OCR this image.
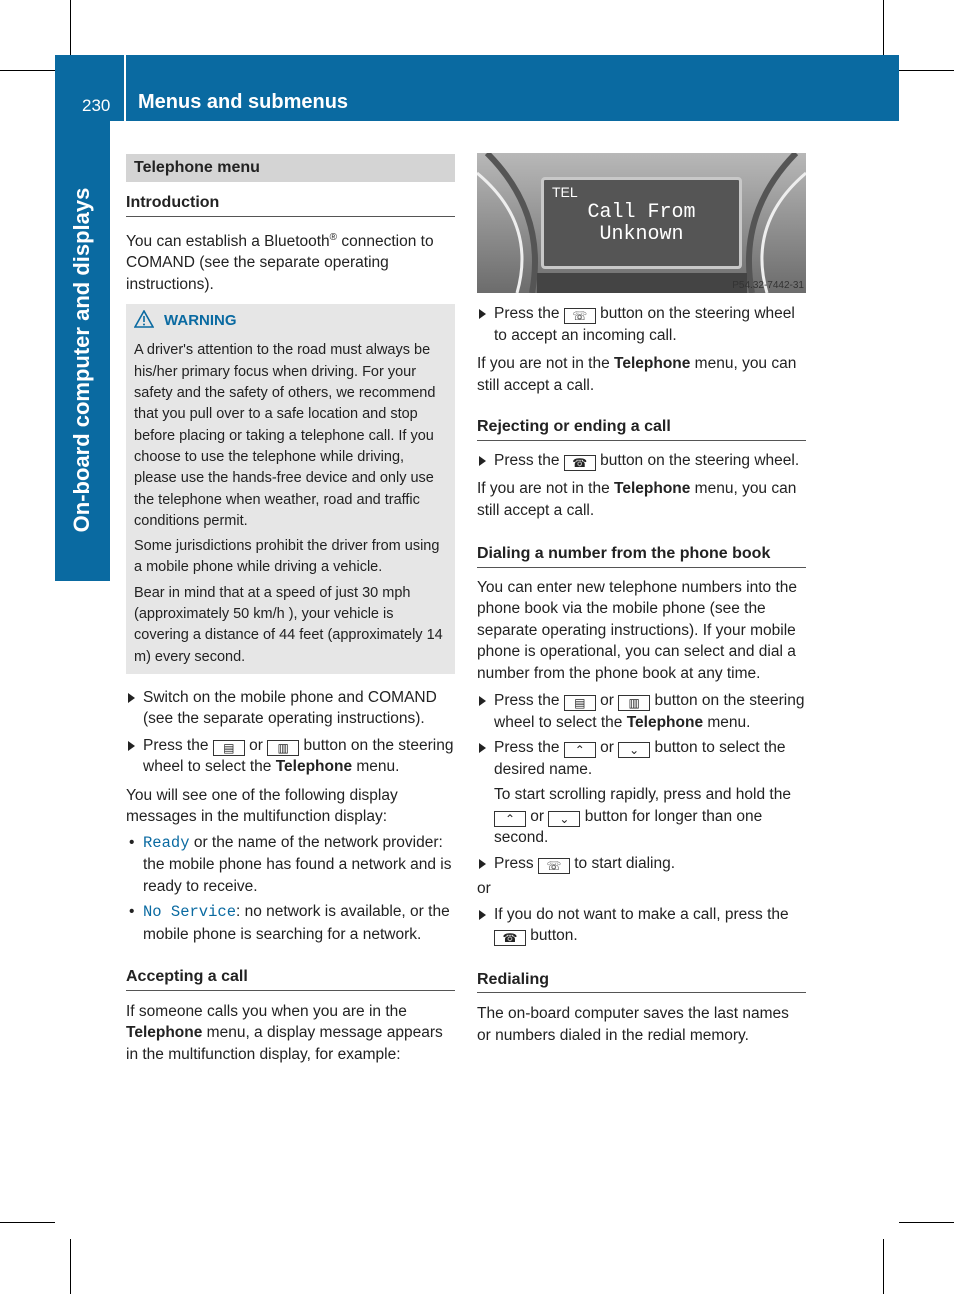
230 Menus and submenus
On-board computer and displays
Telephone menu
Introduction

You can establish a Bluetooth® connection to COMAND (see the separate operating instructions).

WARNING

A driver's attention to the road must always be his/her primary focus when driving. For your safety and the safety of others, we recommend that you pull over to a safe location and stop before placing or taking a telephone call. If you choose to use the telephone while driving, please use the hands-free device and only use the telephone when weather, road and traffic conditions permit.

Some jurisdictions prohibit the driver from using a mobile phone while driving a vehicle.

Bear in mind that at a speed of just 30 mph (approximately 50 km/h ), your vehicle is covering a distance of 44 feet (approximately 14 m) every second.

Switch on the mobile phone and COMAND (see the separate operating instructions).

Press the ▤ or ▥ button on the steering wheel to select the Telephone menu.

You will see one of the following display messages in the multifunction display:

• Ready or the name of the network provider: the mobile phone has found a network and is ready to receive.

• No Service: no network is available, or the mobile phone is searching for a network.

Accepting a call

If someone calls you when you are in the Telephone menu, a display message appears in the multifunction display, for example:

TEL
Call From
Unknown
P54.32-7442-31

Press the ☏ button on the steering wheel to accept an incoming call.

If you are not in the Telephone menu, you can still accept a call.

Rejecting or ending a call

Press the ☎ button on the steering wheel.

If you are not in the Telephone menu, you can still accept a call.

Dialing a number from the phone book

You can enter new telephone numbers into the phone book via the mobile phone (see the separate operating instructions). If your mobile phone is operational, you can select and dial a number from the phone book at any time.

Press the ▤ or ▥ button on the steering wheel to select the Telephone menu.

Press the ⌃ or ⌄ button to select the desired name.

To start scrolling rapidly, press and hold the ⌃ or ⌄ button for longer than one second.

Press ☏ to start dialing.

or

If you do not want to make a call, press the ☎ button.

Redialing

The on-board computer saves the last names or numbers dialed in the redial memory.
